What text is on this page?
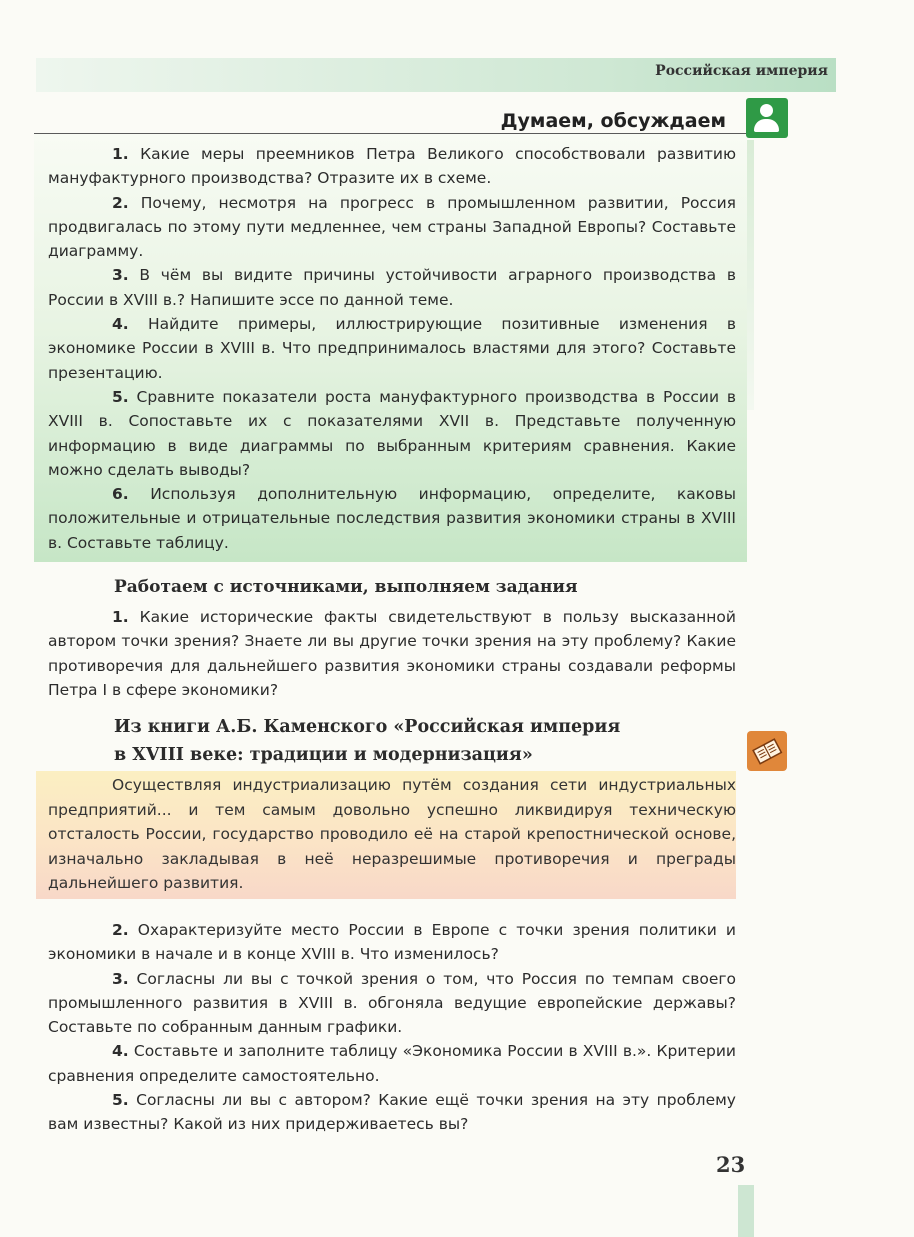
Российская империя
Думаем, обсуждаем

1. Какие меры преемников Петра Великого способствовали развитию мануфактурного производства? Отразите их в схеме.

2. Почему, несмотря на прогресс в промышленном развитии, Россия продвигалась по этому пути медленнее, чем страны Западной Европы? Составьте диаграмму.

3. В чём вы видите причины устойчивости аграрного производства в России в XVIII в.? Напишите эссе по данной теме.

4. Найдите примеры, иллюстрирующие позитивные изменения в экономике России в XVIII в. Что предпринималось властями для этого? Составьте презентацию.

5. Сравните показатели роста мануфактурного производства в России в XVIII в. Сопоставьте их с показателями XVII в. Представьте полученную информацию в виде диаграммы по выбранным критериям сравнения. Какие можно сделать выводы?

6. Используя дополнительную информацию, определите, каковы положительные и отрицательные последствия развития экономики страны в XVIII в. Составьте таблицу.

Работаем с источниками, выполняем задания

1. Какие исторические факты свидетельствуют в пользу высказанной автором точки зрения? Знаете ли вы другие точки зрения на эту проблему? Какие противоречия для дальнейшего развития экономики страны создавали реформы Петра I в сфере экономики?

Из книги А.Б. Каменского «Российская империя
в XVIII веке: традиции и модернизация»

Осуществляя индустриализацию путём создания сети индустриальных предприятий... и тем самым довольно успешно ликвидируя техническую отсталость России, государство проводило её на старой крепостнической основе, изначально закладывая в неё неразрешимые противоречия и преграды дальнейшего развития.

2. Охарактеризуйте место России в Европе с точки зрения политики и экономики в начале и в конце XVIII в. Что изменилось?

3. Согласны ли вы с точкой зрения о том, что Россия по темпам своего промышленного развития в XVIII в. обгоняла ведущие европейские державы? Составьте по собранным данным графики.

4. Составьте и заполните таблицу «Экономика России в XVIII в.». Критерии сравнения определите самостоятельно.

5. Согласны ли вы с автором? Какие ещё точки зрения на эту проблему вам известны? Какой из них придерживаетесь вы?

23
